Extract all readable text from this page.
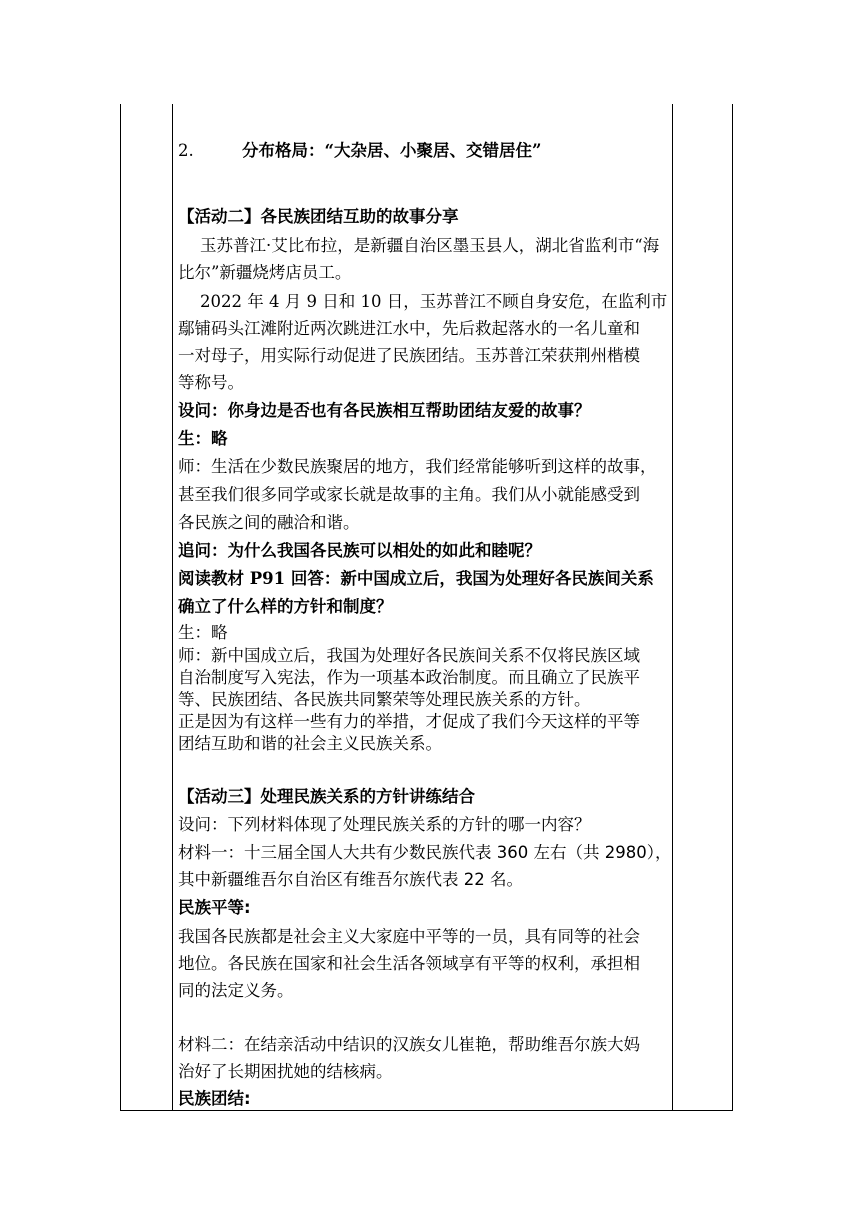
2.	分布格局：“大杂居、小聚居、交错居住”

【活动二】各民族团结互助的故事分享

玉苏普江·艾比布拉，是新疆自治区墨玉县人，湖北省监利市“海

比尔”新疆烧烤店员工。

2022 年 4 月 9 日和 10 日，玉苏普江不顾自身安危，在监利市

鄢铺码头江滩附近两次跳进江水中，先后救起落水的一名儿童和

一对母子，用实际行动促进了民族团结。玉苏普江荣获荆州楷模

等称号。

设问：你身边是否也有各民族相互帮助团结友爱的故事？

生：略

师：生活在少数民族聚居的地方，我们经常能够听到这样的故事，

甚至我们很多同学或家长就是故事的主角。我们从小就能感受到

各民族之间的融洽和谐。

追问：为什么我国各民族可以相处的如此和睦呢？

阅读教材 P91 回答：新中国成立后，我国为处理好各民族间关系

确立了什么样的方针和制度？

生：略

师：新中国成立后，我国为处理好各民族间关系不仅将民族区域

自治制度写入宪法，作为一项基本政治制度。而且确立了民族平

等、民族团结、各民族共同繁荣等处理民族关系的方针。

正是因为有这样一些有力的举措，才促成了我们今天这样的平等

团结互助和谐的社会主义民族关系。

【活动三】处理民族关系的方针讲练结合

设问：下列材料体现了处理民族关系的方针的哪一内容？

材料一：十三届全国人大共有少数民族代表 360 左右（共 2980），

其中新疆维吾尔自治区有维吾尔族代表 22 名。

民族平等:

我国各民族都是社会主义大家庭中平等的一员，具有同等的社会

地位。各民族在国家和社会生活各领域享有平等的权利，承担相

同的法定义务。

材料二：在结亲活动中结识的汉族女儿崔艳，帮助维吾尔族大妈

治好了长期困扰她的结核病。

民族团结:
